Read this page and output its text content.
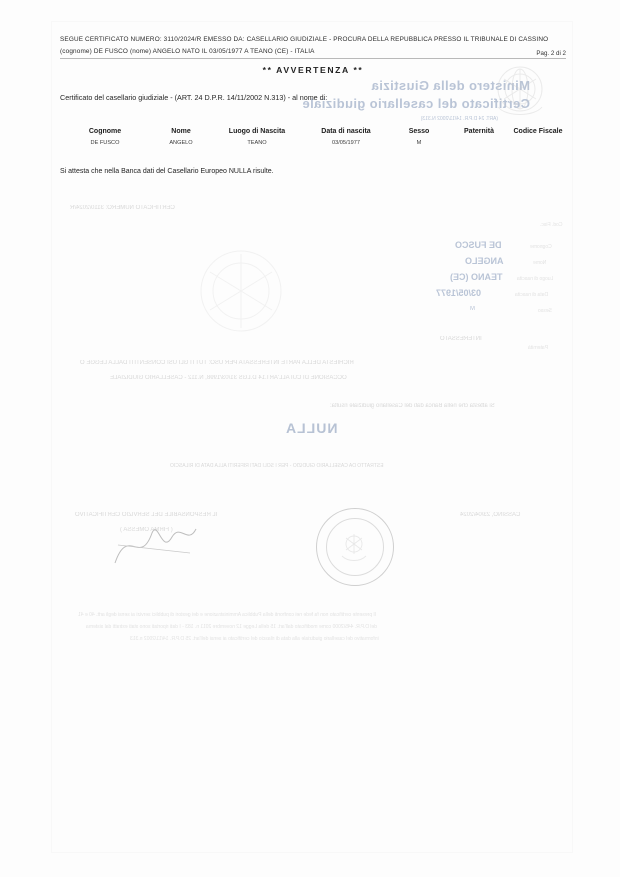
Ministero della Giustizia
Certificato del casellario giudiziale
(ART. 24 D.P.R. 14/11/2002 N.313)
CERTIFICATO NUMERO: 3110/2024/R
Cod. Fisc.
Cognome
Nome
Luogo di nascita
Data di nascita
Sesso
Paternità
DE FUSCO
ANGELO
TEANO (CE)
03/05/1977
M
INTERESSATO
RICHIESTA DELLA PARTE INTERESSATA PER USO: TUTTI GLI USI CONSENTITI DALLA LEGGE O
OCCASIONE DI CUI ALL'ART.14 D.LGS 31/03/1998, N.112 - CASELLARIO GIUDIZIALE
Si attesta che nella Banca dati del Casellario giudiziale risulta:
NULLA
ESTRATTO DA CASELLARIO GIUDIZIO - PER I SOLI DATI RIFERITI ALLA DATA DI RILASCIO
CASSINO, 23/04/2024
IL RESPONSABILE DEL SERVIZIO CERTIFICATIVO
( FIRMA OMESSA )
Il presente certificato non fa fede nei confronti della Pubblica Amministrazione e dei gestori di pubblici servizi ai sensi degli artt. 40 e 41
del D.P.R. 445/2000 come modificato dall'art. 15 della Legge 12 novembre 2011 n. 183 - I dati riportati sono stati estratti dal sistema
informativo del casellario giudiziale alla data di rilascio del certificato ai sensi dell'art. 25 D.P.R. 14/11/2002 n.313
SEGUE CERTIFICATO NUMERO: 3110/2024/R EMESSO DA: CASELLARIO GIUDIZIALE - PROCURA DELLA REPUBBLICA PRESSO IL TRIBUNALE DI CASSINO
(cognome) DE FUSCO (nome) ANGELO NATO IL 03/05/1977 A TEANO (CE) - ITALIA	Pag. 2 di 2
** AVVERTENZA **
Certificato del casellario giudiziale - (ART. 24 D.P.R. 14/11/2002 N.313) - al nome di:
Cognome	Nome	Luogo di Nascita	Data di nascita	Sesso	Paternità	Codice Fiscale
DE FUSCO	ANGELO	TEANO	03/05/1977	M
Si attesta che nella Banca dati del Casellario Europeo NULLA risulte.
